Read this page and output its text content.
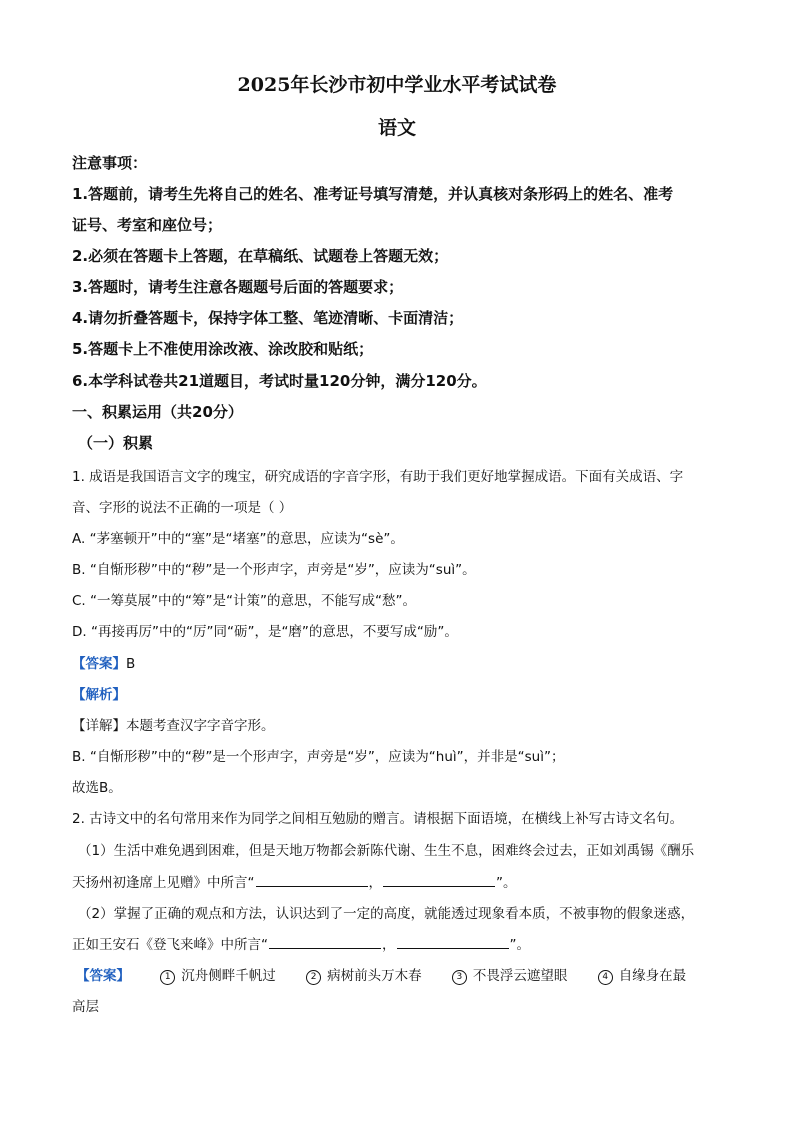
2025年长沙市初中学业水平考试试卷
语文
注意事项：
1.答题前，请考生先将自己的姓名、准考证号填写清楚，并认真核对条形码上的姓名、准考
证号、考室和座位号；
2.必须在答题卡上答题，在草稿纸、试题卷上答题无效；
3.答题时，请考生注意各题题号后面的答题要求；
4.请勿折叠答题卡，保持字体工整、笔迹清晰、卡面清洁；
5.答题卡上不准使用涂改液、涂改胶和贴纸；
6.本学科试卷共21道题目，考试时量120分钟，满分120分。
一、积累运用（共20分）
（一）积累
1. 成语是我国语言文字的瑰宝，研究成语的字音字形，有助于我们更好地掌握成语。下面有关成语、字
音、字形的说法不正确的一项是（ ）
A. “茅塞顿开”中的“塞”是“堵塞”的意思，应读为“sè”。
B. “自惭形秽”中的“秽”是一个形声字，声旁是“岁”，应读为“suì”。
C. “一筹莫展”中的“筹”是“计策”的意思，不能写成“愁”。
D. “再接再厉”中的“厉”同“砺”，是“磨”的意思，不要写成“励”。
【答案】B
【解析】
【详解】本题考查汉字字音字形。
B. “自惭形秽”中的“秽”是一个形声字，声旁是“岁”，应读为“huì”，并非是“suì”；
故选B。
2. 古诗文中的名句常用来作为同学之间相互勉励的赠言。请根据下面语境，在横线上补写古诗文名句。
（1）生活中难免遇到困难，但是天地万物都会新陈代谢、生生不息，困难终会过去，正如刘禹锡《酬乐
天扬州初逢席上见赠》中所言“	，	”。
（2）掌握了正确的观点和方法，认识达到了一定的高度，就能透过现象看本质，不被事物的假象迷惑，
正如王安石《登飞来峰》中所言“	，	”。
【答案】	1 沉舟侧畔千帆过	2 病树前头万木春	3 不畏浮云遮望眼	4 自缘身在最
高层
